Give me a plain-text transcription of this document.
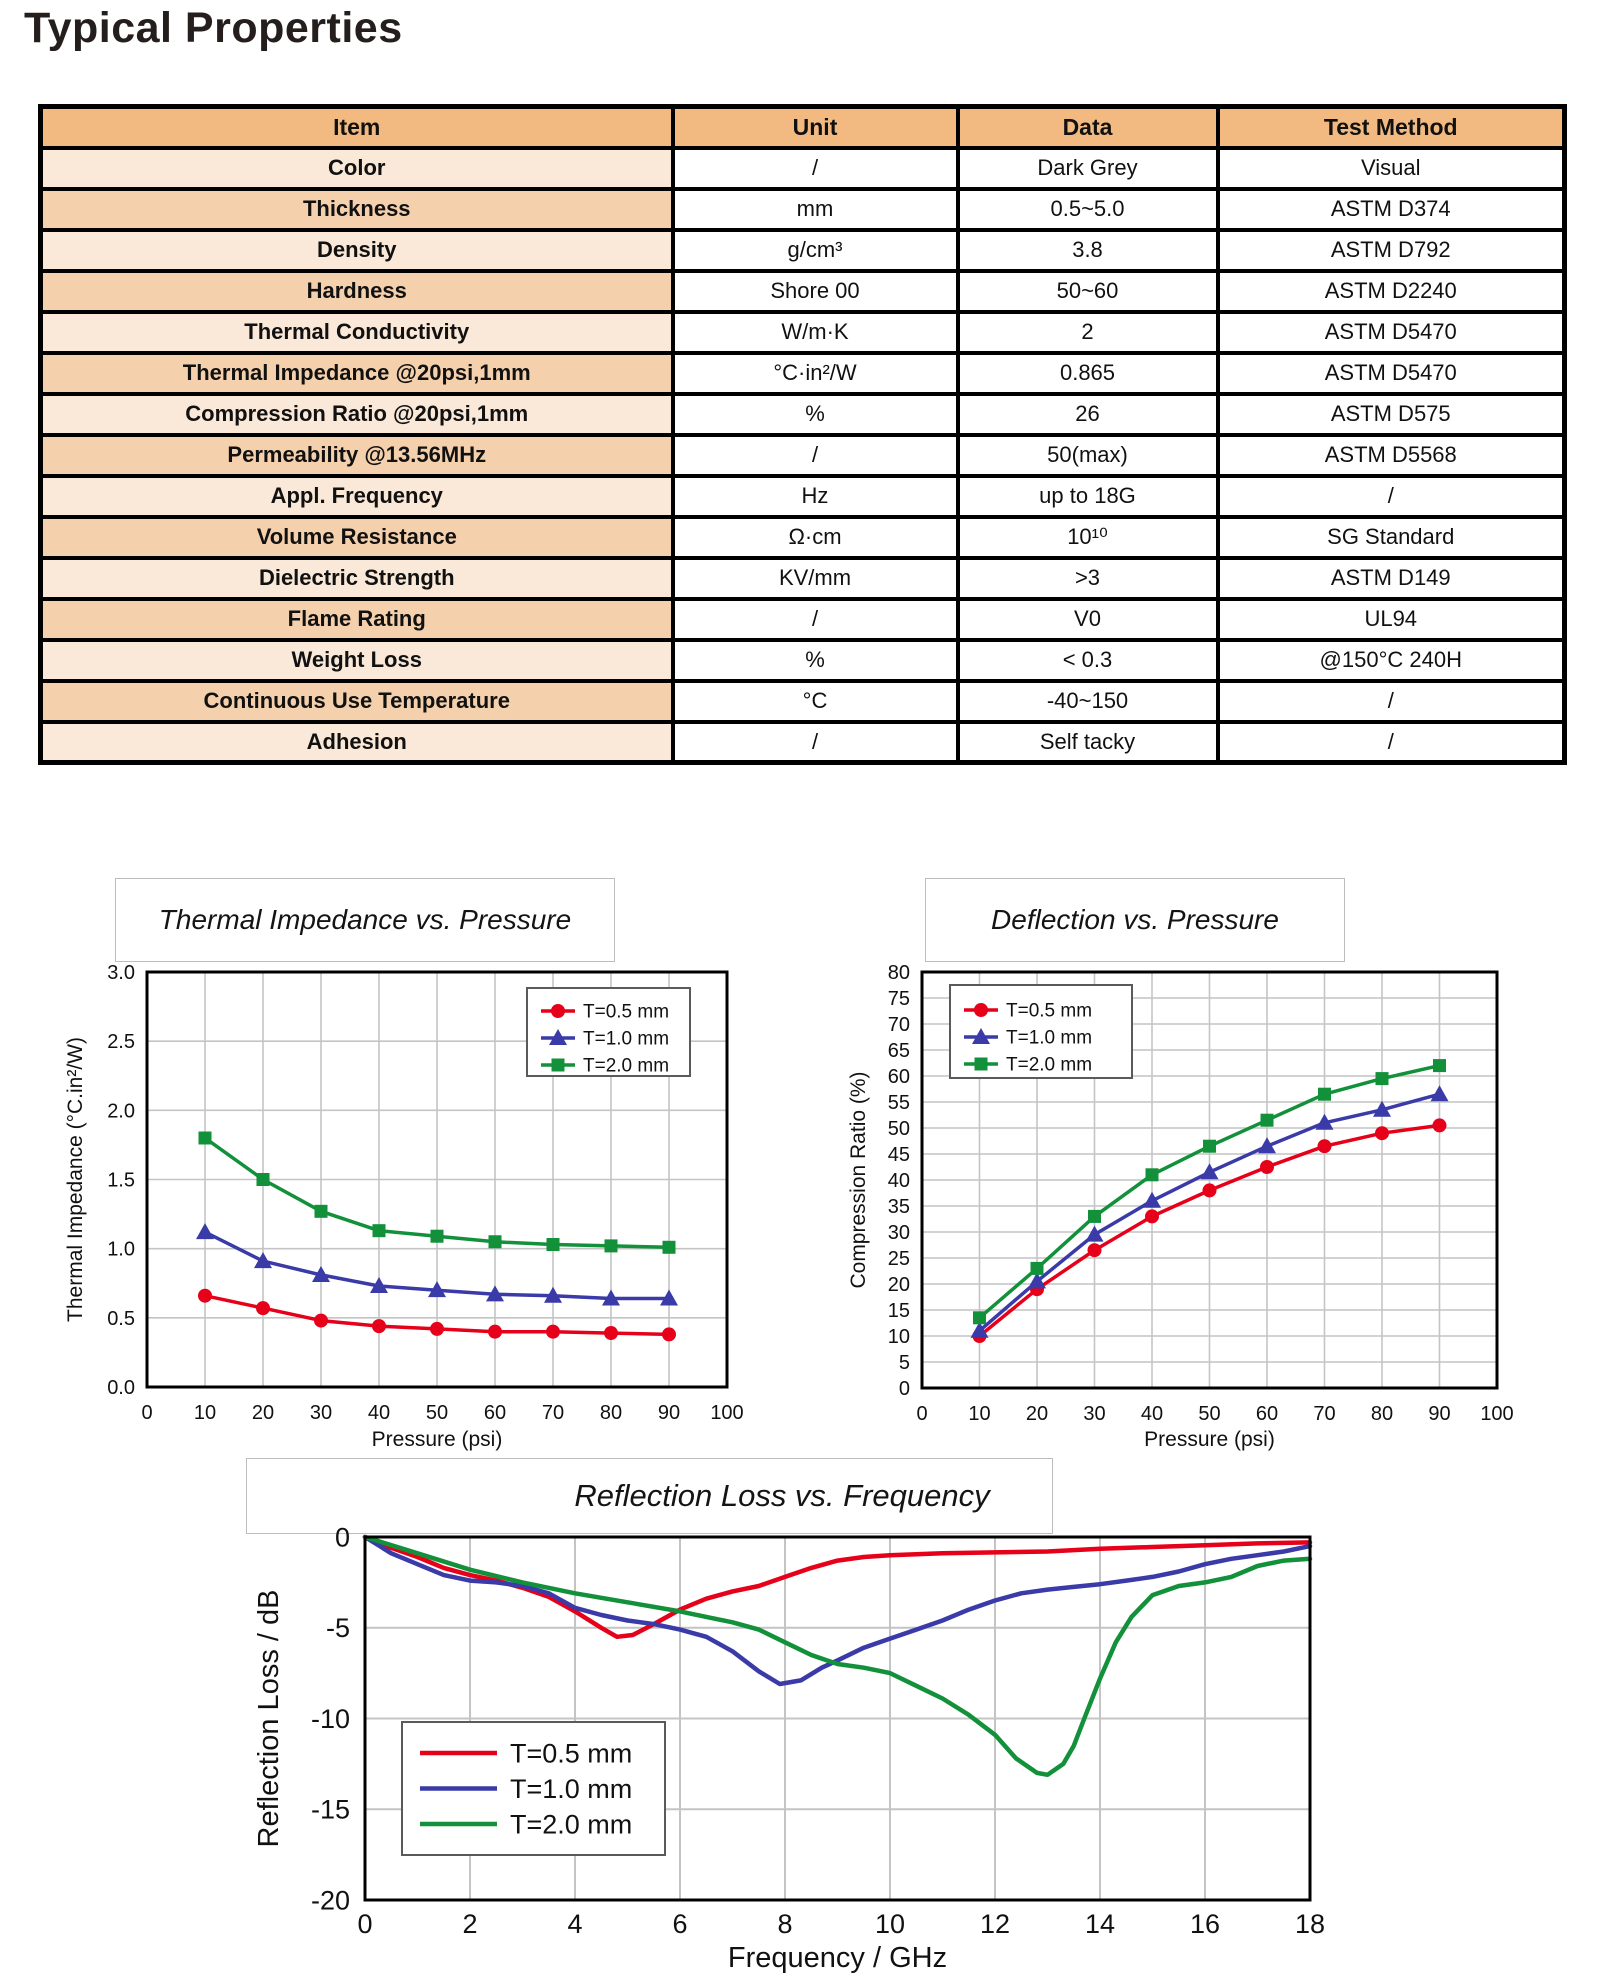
Typical Properties
Item	Unit	Data	Test Method
Color	/	Dark Grey	Visual
Thickness	mm	0.5~5.0	ASTM D374
Density	g/cm³	3.8	ASTM D792
Hardness	Shore 00	50~60	ASTM D2240
Thermal Conductivity	W/m·K	2	ASTM D5470
Thermal Impedance @20psi,1mm	°C·in²/W	0.865	ASTM D5470
Compression Ratio @20psi,1mm	%	26	ASTM D575
Permeability @13.56MHz	/	50(max)	ASTM D5568
Appl. Frequency	Hz	up to 18G	/
Volume Resistance	Ω·cm	10¹⁰	SG Standard
Dielectric Strength	KV/mm	>3	ASTM D149
Flame Rating	/	V0	UL94
Weight Loss	%	< 0.3	@150°C 240H
Continuous Use Temperature	°C	-40~150	/
Adhesion	/	Self tacky	/
Thermal Impedance vs. Pressure
0 10 20 30 40 50 60 70 80 90 100
0.0
0.5
1.0
1.5
2.0
2.5
3.0
Pressure (psi)
Thermal Impedance (°C.in²/W)
T=0.5 mm
T=1.0 mm
T=2.0 mm
Deflection vs. Pressure
0 10 20 30 40 50 60 70 80 90 100
0
5
10
15
20
25
30
35
40
45
50
55
60
65
70
75
80
Pressure (psi)
Compression Ratio (%)
T=0.5 mm
T=1.0 mm
T=2.0 mm
Reflection Loss vs. Frequency
0	2	4	6	8	10	12	14	16	18
-20
-15
-10
-5
0
Frequency / GHz
Reflection Loss / dB	T=0.5 mm
T=1.0 mm
T=2.0 mm
